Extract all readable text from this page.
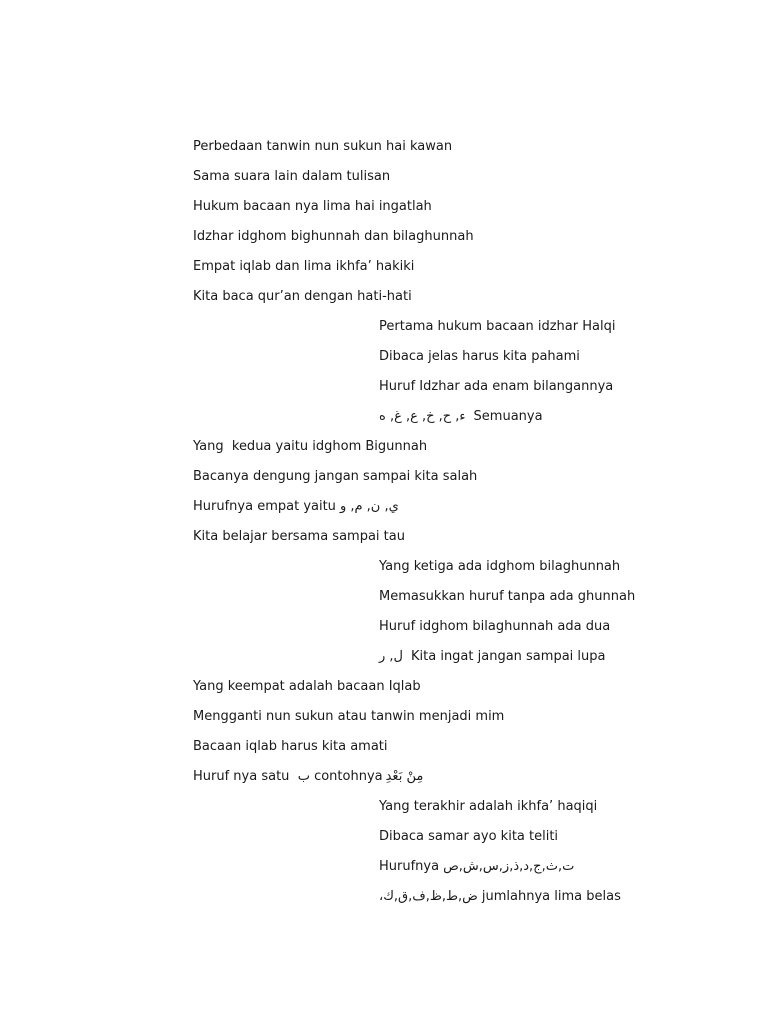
Perbedaan tanwin nun sukun hai kawan
Sama suara lain dalam tulisan
Hukum bacaan nya lima hai ingatlah
Idzhar idghom bighunnah dan bilaghunnah
Empat iqlab dan lima ikhfa’ hakiki
Kita baca qur’an dengan hati-hati
Pertama hukum bacaan idzhar Halqi
Dibaca jelas harus kita pahami
Huruf Idzhar ada enam bilangannya
ء, ح, خ, ع, غ, ه Semuanya
Yang  kedua yaitu idghom Bigunnah
Bacanya dengung jangan sampai kita salah
Hurufnya empat yaitu ي, ن, م, و
Kita belajar bersama sampai tau
Yang ketiga ada idghom bilaghunnah
Memasukkan huruf tanpa ada ghunnah
Huruf idghom bilaghunnah ada dua
ل, ر Kita ingat jangan sampai lupa
Yang keempat adalah bacaan Iqlab
Mengganti nun sukun atau tanwin menjadi mim
Bacaan iqlab harus kita amati
Huruf nya satu  ب contohnya مِنْ بَعْدِ
Yang terakhir adalah ikhfa’ haqiqi
Dibaca samar ayo kita teliti
Hurufnya ت,ث,ج,د,ذ,ز,س,ش,ص
ض,ط,ظ,ف,ق,ك، jumlahnya lima belas
